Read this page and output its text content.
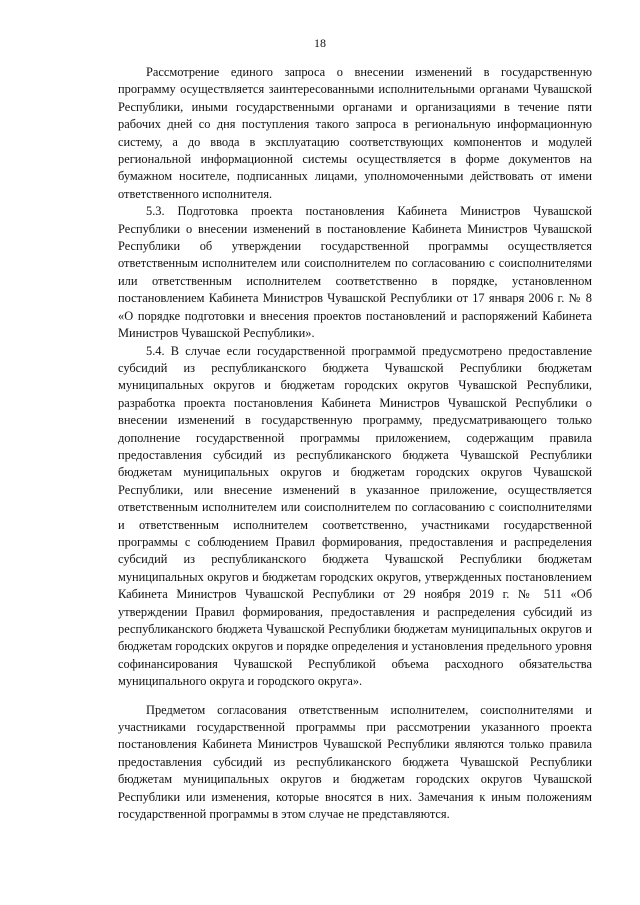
18

Рассмотрение единого запроса о внесении изменений в государственную программу осуществляется заинтересованными исполнительными органами Чувашской Республики, иными государственными органами и организациями в течение пяти рабочих дней со дня поступления такого запроса в региональную информационную систему, а до ввода в эксплуатацию соответствующих компонентов и модулей региональной информационной системы осуществляется в форме документов на бумажном носителе, подписанных лицами, уполномоченными действовать от имени ответственного исполнителя.

5.3. Подготовка проекта постановления Кабинета Министров Чувашской Республики о внесении изменений в постановление Кабинета Министров Чувашской Республики об утверждении государственной программы осуществляется ответственным исполнителем или соисполнителем по согласованию с соисполнителями или ответственным исполнителем соответственно в порядке, установленном постановлением Кабинета Министров Чувашской Республики от 17 января 2006 г. № 8 «О порядке подготовки и внесения проектов постановлений и распоряжений Кабинета Министров Чувашской Республики».

5.4. В случае если государственной программой предусмотрено предоставление субсидий из республиканского бюджета Чувашской Республики бюджетам муниципальных округов и бюджетам городских округов Чувашской Республики, разработка проекта постановления Кабинета Министров Чувашской Республики о внесении изменений в государственную программу, предусматривающего только дополнение государственной программы приложением, содержащим правила предоставления субсидий из республиканского бюджета Чувашской Республики бюджетам муниципальных округов и бюджетам городских округов Чувашской Республики, или внесение изменений в указанное приложение, осуществляется ответственным исполнителем или соисполнителем по согласованию с соисполнителями и ответственным исполнителем соответственно, участниками государственной программы с соблюдением Правил формирования, предоставления и распределения субсидий из республиканского бюджета Чувашской Республики бюджетам муниципальных округов и бюджетам городских округов, утвержденных постановлением Кабинета Министров Чувашской Республики от 29 ноября 2019 г. № 511 «Об утверждении Правил формирования, предоставления и распределения субсидий из республиканского бюджета Чувашской Республики бюджетам муниципальных округов и бюджетам городских округов и порядке определения и установления предельного уровня софинансирования Чувашской Республикой объема расходного обязательства муниципального округа и городского округа».

Предметом согласования ответственным исполнителем, соисполнителями и участниками государственной программы при рассмотрении указанного проекта постановления Кабинета Министров Чувашской Республики являются только правила предоставления субсидий из республиканского бюджета Чувашской Республики бюджетам муниципальных округов и бюджетам городских округов Чувашской Республики или изменения, которые вносятся в них. Замечания к иным положениям государственной программы в этом случае не представляются.
